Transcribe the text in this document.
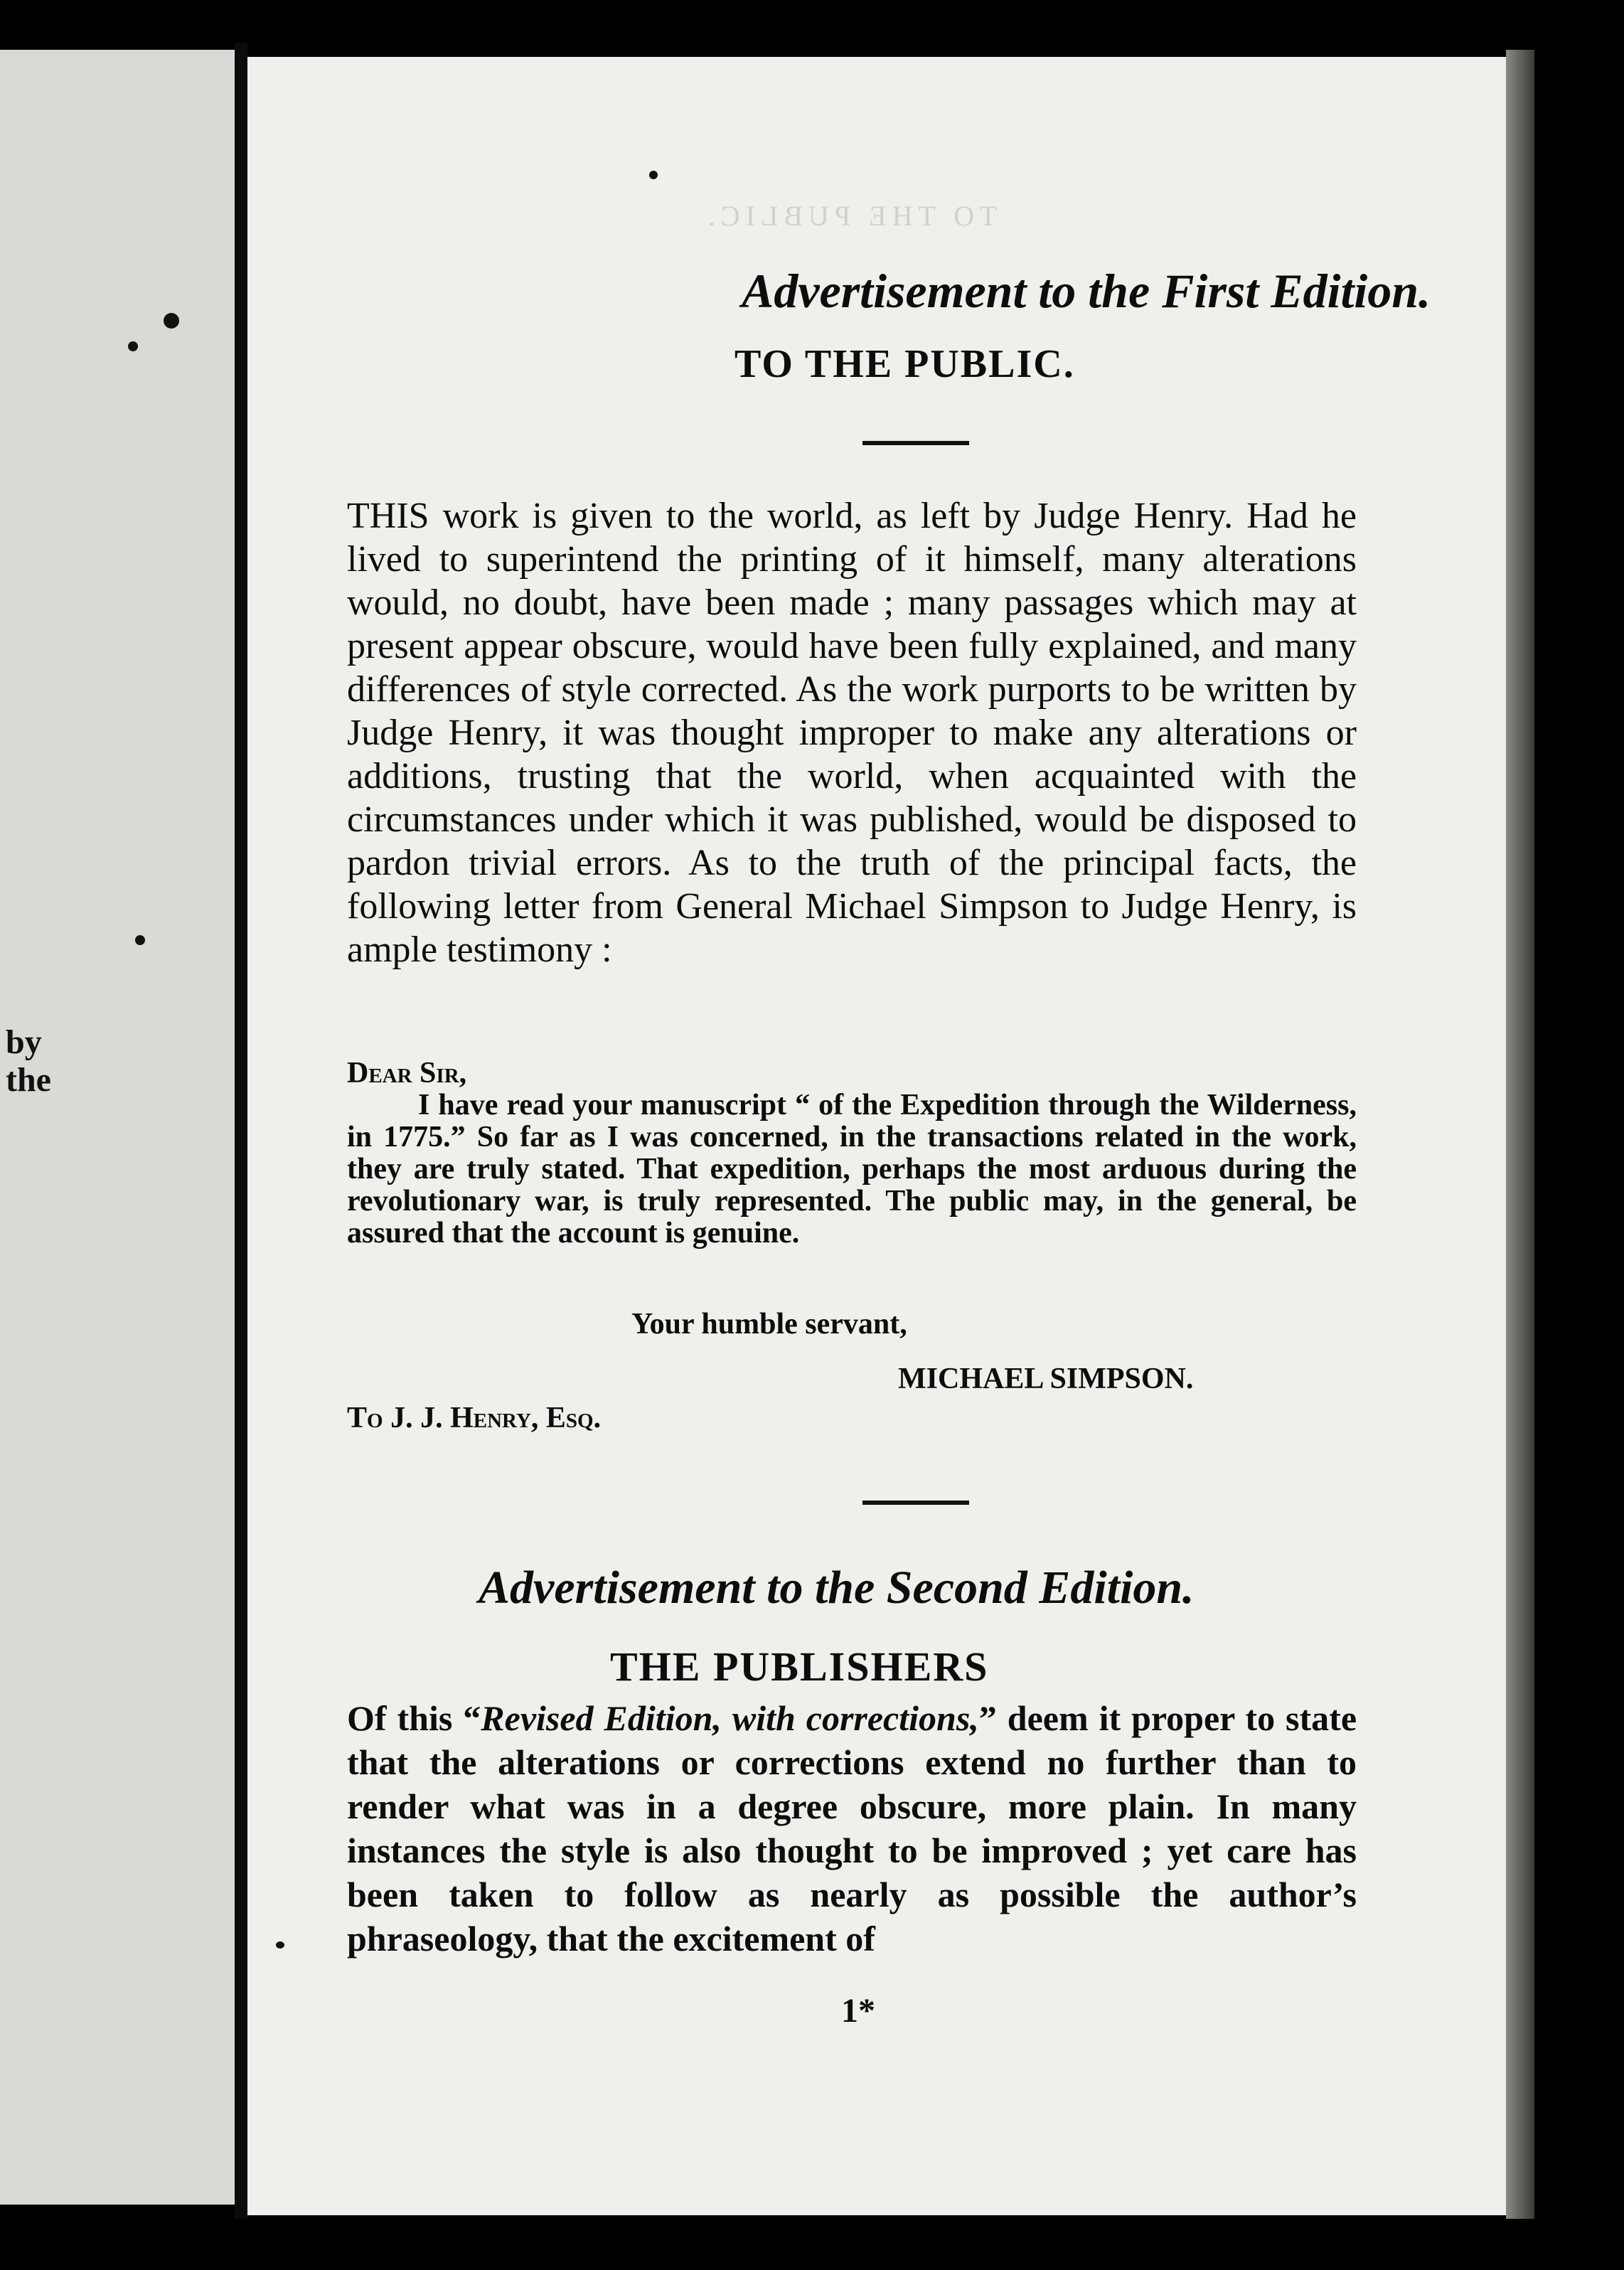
by
the
TO THE PUBLIC.
Advertisement to the First Edition.
TO THE PUBLIC.
THIS work is given to the world, as left by Judge Henry. Had he lived to superintend the printing of it himself, many alterations would, no doubt, have been made ; many passages which may at present appear obscure, would have been fully explained, and many differences of style corrected. As the work purports to be written by Judge Henry, it was thought improper to make any alterations or additions, trusting that the world, when acquainted with the circumstances under which it was published, would be disposed to pardon trivial errors. As to the truth of the principal facts, the following letter from General Michael Simpson to Judge Henry, is ample testimony :
Dear Sir,
I have read your manuscript “ of the Expedition through the Wilderness, in 1775.” So far as I was concerned, in the transactions related in the work, they are truly stated. That expedition, perhaps the most arduous during the revolutionary war, is truly represented. The public may, in the general, be assured that the account is genuine.
Your humble servant,
MICHAEL SIMPSON.
To J. J. Henry, Esq.
Advertisement to the Second Edition.
THE PUBLISHERS
Of this “Revised Edition, with corrections,” deem it proper to state that the alterations or corrections extend no further than to render what was in a degree obscure, more plain. In many instances the style is also thought to be improved ; yet care has been taken to follow as nearly as possible the author’s phraseology, that the excitement of
1*
